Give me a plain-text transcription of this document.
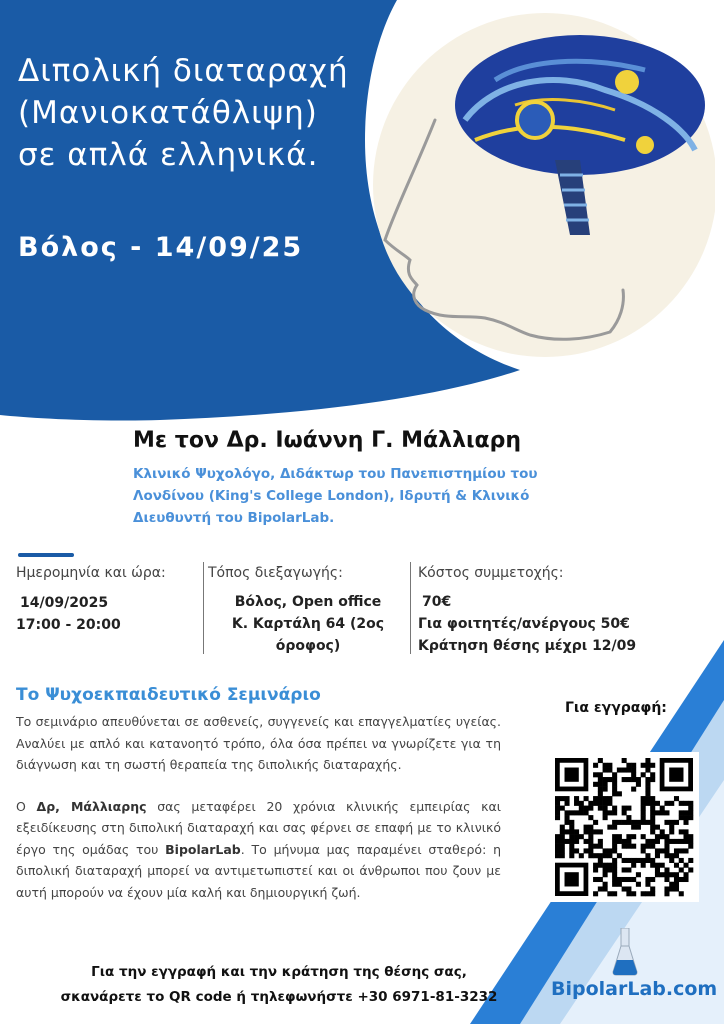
Διπολική διαταραχή
(Μανιοκατάθλιψη)
σε απλά ελληνικά.
Βόλος - 14/09/25
Με τον Δρ. Ιωάννη Γ. Μάλλιαρη
Κλινικό Ψυχολόγο, Διδάκτωρ του Πανεπιστημίου του Λονδίνου (King's College London), Ιδρυτή & Κλινικό Διευθυντή του BipolarLab.
Ημερομηνία και ώρα:
14/09/2025
17:00 - 20:00
Τόπος διεξαγωγής:
Βόλος, Open office
Κ. Καρτάλη 64 (2ος
όροφος)
Κόστος συμμετοχής:
70€
Για φοιτητές/ανέργους 50€
Κράτηση θέσης μέχρι 12/09
Το Ψυχοεκπαιδευτικό Σεμινάριο

Το σεμινάριο απευθύνεται σε ασθενείς, συγγενείς και επαγγελματίες υγείας. Αναλύει με απλό και κατανοητό τρόπο, όλα όσα πρέπει να γνωρίζετε για τη διάγνωση και τη σωστή θεραπεία της διπολικής διαταραχής.

Ο Δρ, Μάλλιαρης σας μεταφέρει 20 χρόνια κλινικής εμπειρίας και εξειδίκευσης στη διπολική διαταραχή και σας φέρνει σε επαφή με το κλινικό έργο της ομάδας του BipolarLab. Το μήνυμα μας παραμένει σταθερό: η διπολική διαταραχή μπορεί να αντιμετωπιστεί και οι άνθρωποι που ζουν με αυτή μπορούν να έχουν μία καλή και δημιουργική ζωή.

Για εγγραφή:
BipolarLab.com
Για την εγγραφή και την κράτηση της θέσης σας,
σκανάρετε το QR code ή τηλεφωνήστε +30 6971-81-3232
